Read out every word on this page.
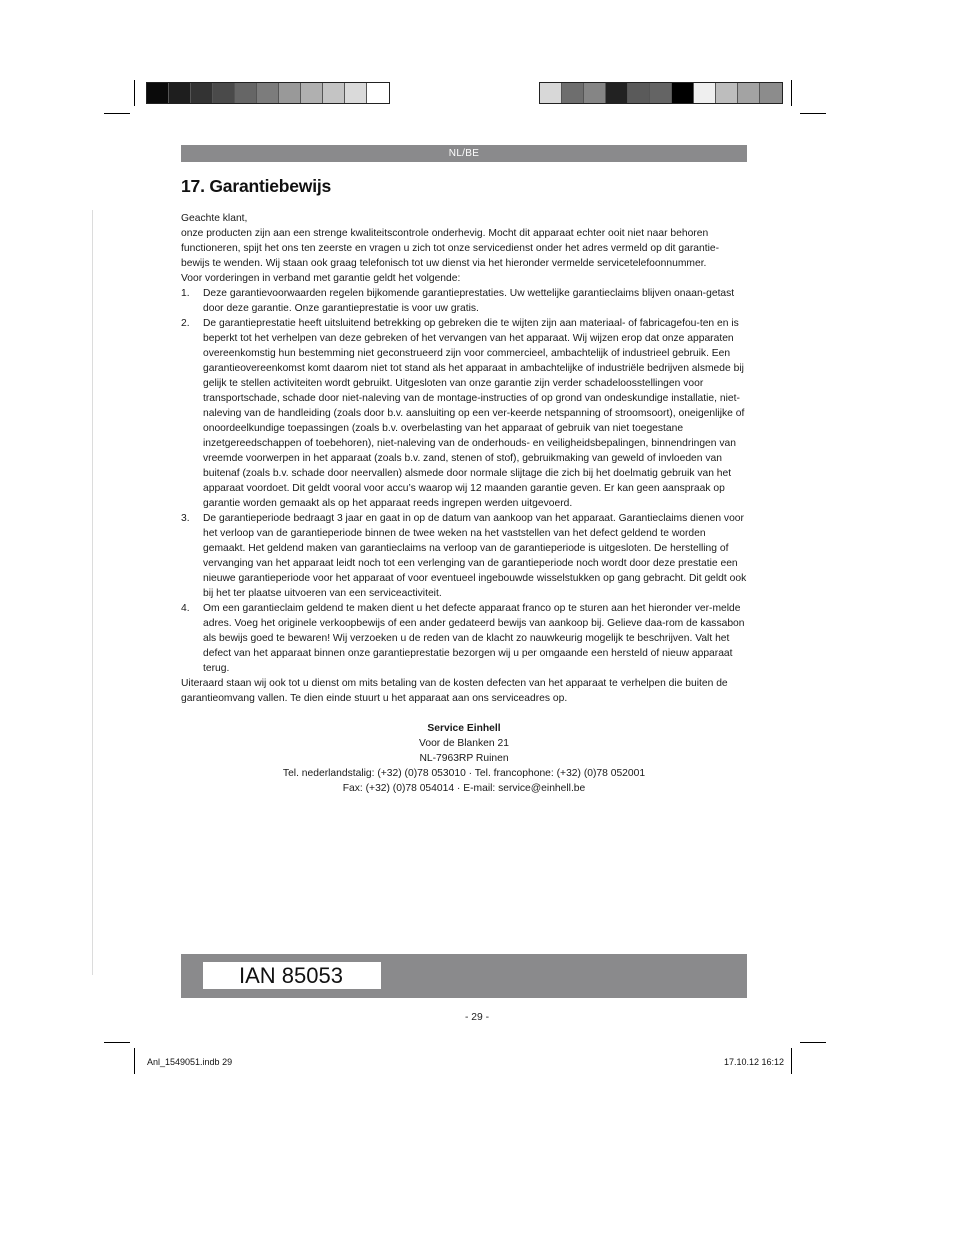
NL/BE
17. Garantiebewijs

Geachte klant,

onze producten zijn aan een strenge kwaliteitscontrole onderhevig. Mocht dit apparaat echter ooit niet naar behoren functioneren, spijt het ons ten zeerste en vragen u zich tot onze servicedienst onder het adres vermeld op dit garantie-bewijs te wenden. Wij staan ook graag telefonisch tot uw dienst via het hieronder vermelde servicetelefoonnummer.

Voor vorderingen in verband met garantie geldt het volgende:

1. Deze garantievoorwaarden regelen bijkomende garantieprestaties. Uw wettelijke garantieclaims blijven onaan-getast door deze garantie. Onze garantieprestatie is voor uw gratis.
2. De garantieprestatie heeft uitsluitend betrekking op gebreken die te wijten zijn aan materiaal- of fabricagefou-ten en is beperkt tot het verhelpen van deze gebreken of het vervangen van het apparaat. Wij wijzen erop dat onze apparaten overeenkomstig hun bestemming niet geconstrueerd zijn voor commercieel, ambachtelijk of industrieel gebruik. Een garantieovereenkomst komt daarom niet tot stand als het apparaat in ambachtelijke of industriële bedrijven alsmede bij gelijk te stellen activiteiten wordt gebruikt. Uitgesloten van onze garantie zijn verder schadeloosstellingen voor transportschade, schade door niet-naleving van de montage-instructies of op grond van ondeskundige installatie, niet-naleving van de handleiding (zoals door b.v. aansluiting op een ver-keerde netspanning of stroomsoort), oneigenlijke of onoordeelkundige toepassingen (zoals b.v. overbelasting van het apparaat of gebruik van niet toegestane inzetgereedschappen of toebehoren), niet-naleving van de onderhouds- en veiligheidsbepalingen, binnendringen van vreemde voorwerpen in het apparaat (zoals b.v. zand, stenen of stof), gebruikmaking van geweld of invloeden van buitenaf (zoals b.v. schade door neervallen) alsmede door normale slijtage die zich bij het doelmatig gebruik van het apparaat voordoet. Dit geldt vooral voor accu’s waarop wij 12 maanden garantie geven. Er kan geen aanspraak op garantie worden gemaakt als op het apparaat reeds ingrepen werden uitgevoerd.
3. De garantieperiode bedraagt 3 jaar en gaat in op de datum van aankoop van het apparaat. Garantieclaims dienen voor het verloop van de garantieperiode binnen de twee weken na het vaststellen van het defect geldend te worden gemaakt. Het geldend maken van garantieclaims na verloop van de garantieperiode is uitgesloten. De herstelling of vervanging van het apparaat leidt noch tot een verlenging van de garantieperiode noch wordt door deze prestatie een nieuwe garantieperiode voor het apparaat of voor eventueel ingebouwde wisselstukken op gang gebracht. Dit geldt ook bij het ter plaatse uitvoeren van een serviceactiviteit.
4. Om een garantieclaim geldend te maken dient u het defecte apparaat franco op te sturen aan het hieronder ver-melde adres. Voeg het originele verkoopbewijs of een ander gedateerd bewijs van aankoop bij. Gelieve daa-rom de kassabon als bewijs goed te bewaren! Wij verzoeken u de reden van de klacht zo nauwkeurig mogelijk te beschrijven. Valt het defect van het apparaat binnen onze garantieprestatie bezorgen wij u per omgaande een hersteld of nieuw apparaat terug.

Uiteraard staan wij ook tot u dienst om mits betaling van de kosten defecten van het apparaat te verhelpen die buiten de garantieomvang vallen. Te dien einde stuurt u het apparaat aan ons serviceadres op.

Service Einhell
Voor de Blanken 21
NL-7963RP Ruinen
Tel. nederlandstalig: (+32) (0)78 053010 · Tel. francophone: (+32) (0)78 052001
Fax: (+32) (0)78 054014 · E-mail: service@einhell.be
IAN 85053
- 29 -
Anl_1549051.indb 29	17.10.12 16:12
